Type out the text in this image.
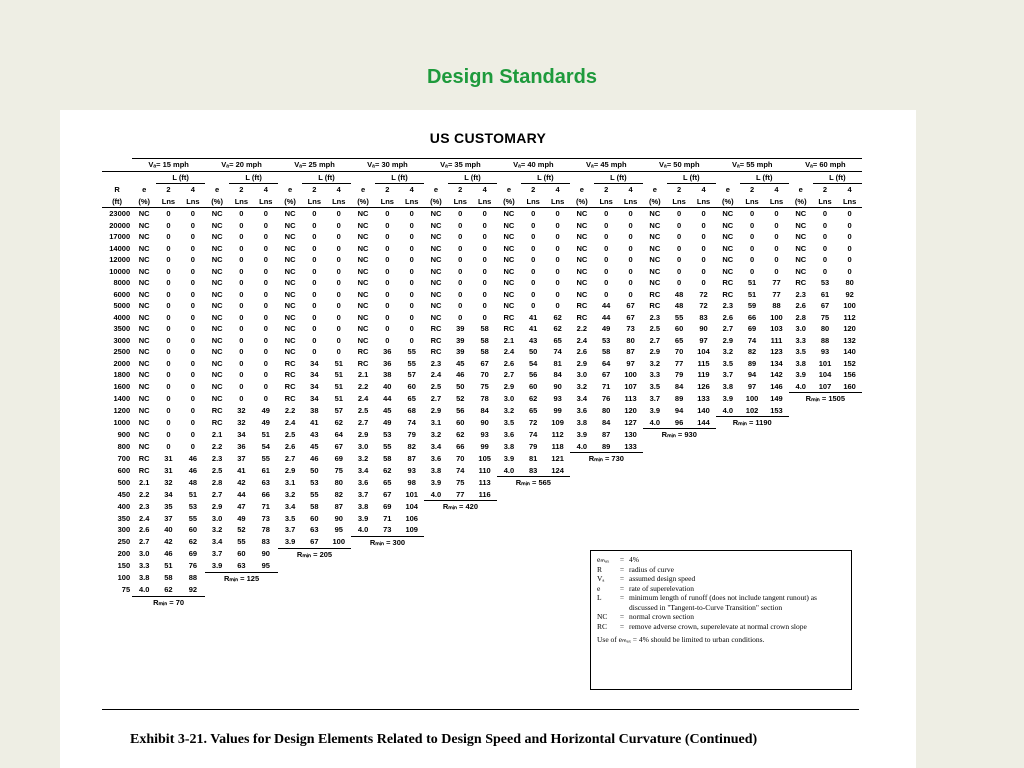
Design Standards
US CUSTOMARY
	Vₐ= 15 mph			Vₐ= 20 mph			Vₐ= 25 mph			Vₐ= 30 mph			Vₐ= 35 mph			Vₐ= 40 mph			Vₐ= 45 mph			Vₐ= 50 mph			Vₐ= 55 mph			Vₐ= 60 mph		
		L (ft)			L (ft)			L (ft)			L (ft)			L (ft)			L (ft)			L (ft)			L (ft)			L (ft)			L (ft)	
R	e	2	4	e	2	4	e	2	4	e	2	4	e	2	4	e	2	4	e	2	4	e	2	4	e	2	4	e	2	4
(ft)	(%)	Lns	Lns	(%)	Lns	Lns	(%)	Lns	Lns	(%)	Lns	Lns	(%)	Lns	Lns	(%)	Lns	Lns	(%)	Lns	Lns	(%)	Lns	Lns	(%)	Lns	Lns	(%)	Lns	Lns
23000	NC	0	0	NC	0	0	NC	0	0	NC	0	0	NC	0	0	NC	0	0	NC	0	0	NC	0	0	NC	0	0	NC	0	0
20000	NC	0	0	NC	0	0	NC	0	0	NC	0	0	NC	0	0	NC	0	0	NC	0	0	NC	0	0	NC	0	0	NC	0	0
17000	NC	0	0	NC	0	0	NC	0	0	NC	0	0	NC	0	0	NC	0	0	NC	0	0	NC	0	0	NC	0	0	NC	0	0
14000	NC	0	0	NC	0	0	NC	0	0	NC	0	0	NC	0	0	NC	0	0	NC	0	0	NC	0	0	NC	0	0	NC	0	0
12000	NC	0	0	NC	0	0	NC	0	0	NC	0	0	NC	0	0	NC	0	0	NC	0	0	NC	0	0	NC	0	0	NC	0	0
10000	NC	0	0	NC	0	0	NC	0	0	NC	0	0	NC	0	0	NC	0	0	NC	0	0	NC	0	0	NC	0	0	NC	0	0
8000	NC	0	0	NC	0	0	NC	0	0	NC	0	0	NC	0	0	NC	0	0	NC	0	0	NC	0	0	RC	51	77	RC	53	80
6000	NC	0	0	NC	0	0	NC	0	0	NC	0	0	NC	0	0	NC	0	0	NC	0	0	RC	48	72	RC	51	77	2.3	61	92
5000	NC	0	0	NC	0	0	NC	0	0	NC	0	0	NC	0	0	NC	0	0	RC	44	67	RC	48	72	2.3	59	88	2.6	67	100
4000	NC	0	0	NC	0	0	NC	0	0	NC	0	0	NC	0	0	RC	41	62	RC	44	67	2.3	55	83	2.6	66	100	2.8	75	112
3500	NC	0	0	NC	0	0	NC	0	0	NC	0	0	RC	39	58	RC	41	62	2.2	49	73	2.5	60	90	2.7	69	103	3.0	80	120
3000	NC	0	0	NC	0	0	NC	0	0	NC	0	0	RC	39	58	2.1	43	65	2.4	53	80	2.7	65	97	2.9	74	111	3.3	88	132
2500	NC	0	0	NC	0	0	NC	0	0	RC	36	55	RC	39	58	2.4	50	74	2.6	58	87	2.9	70	104	3.2	82	123	3.5	93	140
2000	NC	0	0	NC	0	0	RC	34	51	RC	36	55	2.3	45	67	2.6	54	81	2.9	64	97	3.2	77	115	3.5	89	134	3.8	101	152
1800	NC	0	0	NC	0	0	RC	34	51	2.1	38	57	2.4	46	70	2.7	56	84	3.0	67	100	3.3	79	119	3.7	94	142	3.9	104	156
1600	NC	0	0	NC	0	0	RC	34	51	2.2	40	60	2.5	50	75	2.9	60	90	3.2	71	107	3.5	84	126	3.8	97	146	4.0	107	160
1400	NC	0	0	NC	0	0	RC	34	51	2.4	44	65	2.7	52	78	3.0	62	93	3.4	76	113	3.7	89	133	3.9	100	149	Rₘᵢₙ = 1505		
1200	NC	0	0	RC	32	49	2.2	38	57	2.5	45	68	2.9	56	84	3.2	65	99	3.6	80	120	3.9	94	140	4.0	102	153			
1000	NC	0	0	RC	32	49	2.4	41	62	2.7	49	74	3.1	60	90	3.5	72	109	3.8	84	127	4.0	96	144	Rₘᵢₙ = 1190					
900	NC	0	0	2.1	34	51	2.5	43	64	2.9	53	79	3.2	62	93	3.6	74	112	3.9	87	130	Rₘᵢₙ = 930								
800	NC	0	0	2.2	36	54	2.6	45	67	3.0	55	82	3.4	66	99	3.8	79	118	4.0	89	133									
700	RC	31	46	2.3	37	55	2.7	46	69	3.2	58	87	3.6	70	105	3.9	81	121	Rₘᵢₙ = 730											
600	RC	31	46	2.5	41	61	2.9	50	75	3.4	62	93	3.8	74	110	4.0	83	124												
500	2.1	32	48	2.8	42	63	3.1	53	80	3.6	65	98	3.9	75	113	Rₘᵢₙ = 565														
450	2.2	34	51	2.7	44	66	3.2	55	82	3.7	67	101	4.0	77	116															
400	2.3	35	53	2.9	47	71	3.4	58	87	3.8	69	104	Rₘᵢₙ = 420																	
350	2.4	37	55	3.0	49	73	3.5	60	90	3.9	71	106																		
300	2.6	40	60	3.2	52	78	3.7	63	95	4.0	73	109																		
250	2.7	42	62	3.4	55	83	3.9	67	100	Rₘᵢₙ = 300																				
200	3.0	46	69	3.7	60	90	Rₘᵢₙ = 205																							
150	3.3	51	76	3.9	63	95																								
100	3.8	58	88	Rₘᵢₙ = 125																										
75	4.0	62	92																											
	Rₘᵢₙ = 70																													
eₘₐₓ	= 4%
R	= radius of curve
Vₐ	= assumed design speed
e	= rate of superelevation
L	= minimum length of runoff (does not include tangent runout) as discussed in "Tangent-to-Curve Transition" section
NC	= normal crown section
RC	= remove adverse crown, superelevate at normal crown slope
Use of eₘₐₓ = 4% should be limited to urban conditions.
Exhibit 3-21. Values for Design Elements Related to Design Speed and Horizontal Curvature (Continued)
